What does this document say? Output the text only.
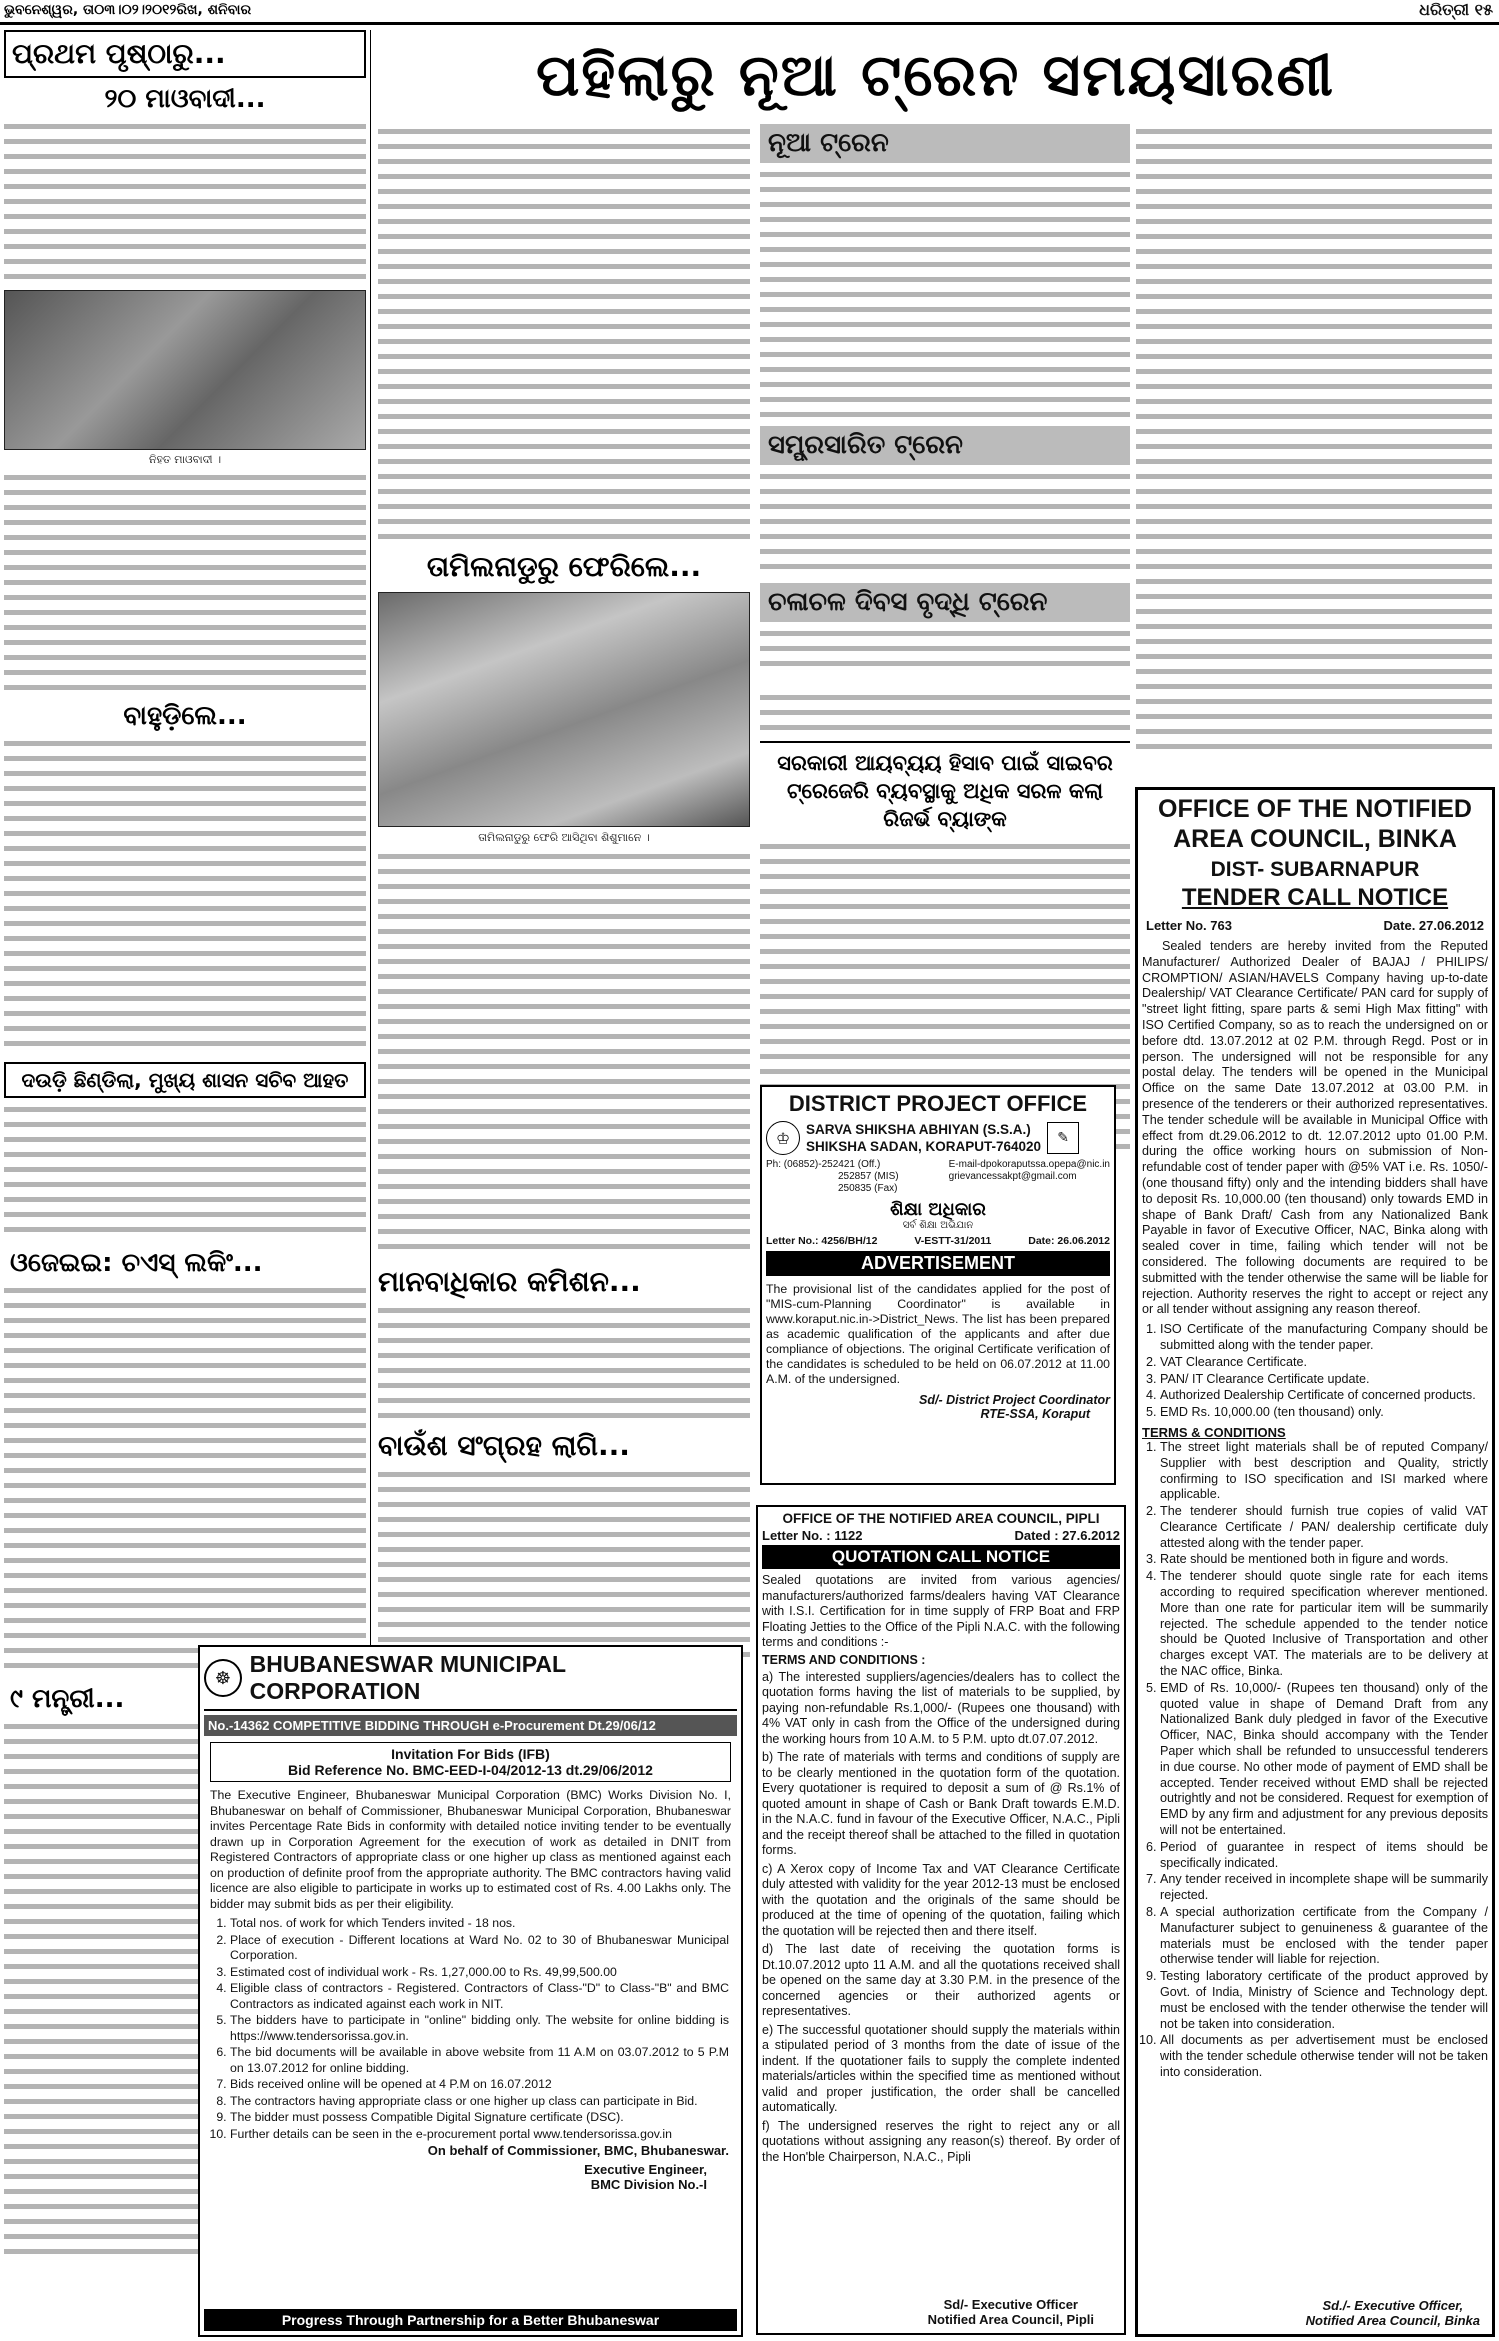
ଭୁବନେଶ୍ୱର, ତା୦୩।୦୨।୨୦୧୨ରିଖ, ଶନିବାର	ଧରିତ୍ରୀ ୧୫
ପ୍ରଥମ ପୃଷ୍ଠାରୁ...
୨୦ ମାଓବାଦୀ...
ନିହତ ମାଓବାଦୀ ।
ବାହୁଡ଼ିଲେ...
ଦଉଡ଼ି ଛିଣ୍ଡିଲା, ମୁଖ୍ୟ ଶାସନ ସଚିବ ଆହତ
ଓଜେଇଇ: ଚଏସ୍ ଲକିଂ...
୯ ମନ୍ତ୍ରୀ...
ପହିଲାରୁ ନୂଆ ଟ୍ରେନ ସମୟସାରଣୀ
ତାମିଲନାଡୁରୁ ଫେରିଲେ...
ତାମିଲନାଡୁରୁ ଫେରି ଆସିଥିବା ଶିଶୁମାନେ ।
ମାନବାଧିକାର କମିଶନ...
ବାଉଁଶ ସଂଗ୍ରହ ଲାଗି...
ନୂଆ ଟ୍ରେନ
ସମ୍ପ୍ରସାରିତ ଟ୍ରେନ
ଚଳାଚଳ ଦିବସ ବୃଦ୍ଧି ଟ୍ରେନ
ସରକାରୀ ଆୟବ୍ୟୟ ହିସାବ ପାଇଁ ସାଇବର ଟ୍ରେଜେରି ବ୍ୟବସ୍ଥାକୁ ଅଧିକ ସରଳ କଲା ରିଜର୍ଭ ବ୍ୟାଙ୍କ
☸
BHUBANESWAR MUNICIPAL CORPORATION
No.-14362 COMPETITIVE BIDDING THROUGH e-Procurement Dt.29/06/12
Invitation For Bids (IFB)
Bid Reference No. BMC-EED-I-04/2012-13 dt.29/06/2012
The Executive Engineer, Bhubaneswar Municipal Corporation (BMC) Works Division No. I, Bhubaneswar on behalf of Commissioner, Bhubaneswar Municipal Corporation, Bhubaneswar invites Percentage Rate Bids in conformity with detailed notice inviting tender to be eventually drawn up in Corporation Agreement for the execution of work as detailed in DNIT from Registered Contractors of appropriate class or one higher up class as mentioned against each on production of definite proof from the appropriate authority. The BMC contractors having valid licence are also eligible to participate in works up to estimated cost of Rs. 4.00 Lakhs only. The bidder may submit bids as per their eligibility.
1. Total nos. of work for which Tenders invited - 18 nos.
2. Place of execution - Different locations at Ward No. 02 to 30 of Bhubaneswar Municipal Corporation.
3. Estimated cost of individual work - Rs. 1,27,000.00 to Rs. 49,99,500.00
4. Eligible class of contractors - Registered. Contractors of Class-"D" to Class-"B" and BMC Contractors as indicated against each work in NIT.
5. The bidders have to participate in "online" bidding only. The website for online bidding is https://www.tendersorissa.gov.in.
6. The bid documents will be available in above website from 11 A.M on 03.07.2012 to 5 P.M on 13.07.2012 for online bidding.
7. Bids received online will be opened at 4 P.M on 16.07.2012
8. The contractors having appropriate class or one higher up class can participate in Bid.
9. The bidder must possess Compatible Digital Signature certificate (DSC).
10. Further details can be seen in the e-procurement portal www.tendersorissa.gov.in
On behalf of Commissioner, BMC, Bhubaneswar.
Executive Engineer,
BMC Division No.-I
Progress Through Partnership for a Better Bhubaneswar
DISTRICT PROJECT OFFICE
♔	SARVA SHIKSHA ABHIYAN (S.S.A.)
SHIKSHA SADAN, KORAPUT-764020
✎
Ph: (06852)-252421 (Off.)
252857 (MIS)
250835 (Fax)
E-mail-dpokoraputssa.opepa@nic.in
grievancessakpt@gmail.com
ଶିକ୍ଷା ଅଧିକାର
ସର୍ବ ଶିକ୍ଷା ଅଭିଯାନ
Letter No.: 4256/BH/12	V-ESTT-31/2011	Date: 26.06.2012
ADVERTISEMENT
The provisional list of the candidates applied for the post of "MIS-cum-Planning Coordinator" is available in www.koraput.nic.in->District_News. The list has been prepared as academic qualification of the applicants and after due compliance of objections. The original Certificate verification of the candidates is scheduled to be held on 06.07.2012 at 11.00 A.M. of the undersigned.
Sd/- District Project Coordinator
RTE-SSA, Koraput
OFFICE OF THE NOTIFIED AREA COUNCIL, PIPLI
Letter No. : 1122	Dated : 27.6.2012
QUOTATION CALL NOTICE
Sealed quotations are invited from various agencies/ manufacturers/authorized farms/dealers having VAT Clearance with I.S.I. Certification for in time supply of FRP Boat and FRP Floating Jetties to the Office of the Pipli N.A.C. with the following terms and conditions :-
TERMS AND CONDITIONS :

a) The interested suppliers/agencies/dealers has to collect the quotation forms having the list of materials to be supplied, by paying non-refundable Rs.1,000/- (Rupees one thousand) with 4% VAT only in cash from the Office of the undersigned during the working hours from 10 A.M. to 5 P.M. upto dt.07.07.2012.

b) The rate of materials with terms and conditions of supply are to be clearly mentioned in the quotation form of the quotation. Every quotationer is required to deposit a sum of @ Rs.1% of quoted amount in shape of Cash or Bank Draft towards E.M.D. in the N.A.C. fund in favour of the Executive Officer, N.A.C., Pipli and the receipt thereof shall be attached to the filled in quotation forms.

c) A Xerox copy of Income Tax and VAT Clearance Certificate duly attested with validity for the year 2012-13 must be enclosed with the quotation and the originals of the same should be produced at the time of opening of the quotation, failing which the quotation will be rejected then and there itself.

d) The last date of receiving the quotation forms is Dt.10.07.2012 upto 11 A.M. and all the quotations received shall be opened on the same day at 3.30 P.M. in the presence of the concerned agencies or their authorized agents or representatives.

e) The successful quotationer should supply the materials within a stipulated period of 3 months from the date of issue of the indent. If the quotationer fails to supply the complete indented materials/articles within the specified time as mentioned without valid and proper justification, the order shall be cancelled automatically.

f) The undersigned reserves the right to reject any or all quotations without assigning any reason(s) thereof. By order of the Hon'ble Chairperson, N.A.C., Pipli

Sd/- Executive Officer
Notified Area Council, Pipli
OFFICE OF THE NOTIFIED AREA COUNCIL, BINKA
DIST- SUBARNAPUR
TENDER CALL NOTICE
Letter No. 763	Date. 27.06.2012
Sealed tenders are hereby invited from the Reputed Manufacturer/ Authorized Dealer of BAJAJ / PHILIPS/ CROMPTION/ ASIAN/HAVELS Company having up-to-date Dealership/ VAT Clearance Certificate/ PAN card for supply of "street light fitting, spare parts & semi High Max fitting" with ISO Certified Company, so as to reach the undersigned on or before dtd. 13.07.2012 at 02 P.M. through Regd. Post or in person. The undersigned will not be responsible for any postal delay. The tenders will be opened in the Municipal Office on the same Date 13.07.2012 at 03.00 P.M. in presence of the tenderers or their authorized representatives. The tender schedule will be available in Municipal Office with effect from dt.29.06.2012 to dt. 12.07.2012 upto 01.00 P.M. during the office working hours on submission of Non-refundable cost of tender paper with @5% VAT i.e. Rs. 1050/- (one thousand fifty) only and the intending bidders shall have to deposit Rs. 10,000.00 (ten thousand) only towards EMD in shape of Bank Draft/ Cash from any Nationalized Bank Payable in favor of Executive Officer, NAC, Binka along with sealed cover in time, failing which tender will not be considered. The following documents are required to be submitted with the tender otherwise the same will be liable for rejection. Authority reserves the right to accept or reject any or all tender without assigning any reason thereof.
1. ISO Certificate of the manufacturing Company should be submitted along with the tender paper.
2. VAT Clearance Certificate.
3. PAN/ IT Clearance Certificate update.
4. Authorized Dealership Certificate of concerned products.
5. EMD Rs. 10,000.00 (ten thousand) only.
TERMS & CONDITIONS
1. The street light materials shall be of reputed Company/ Supplier with best description and Quality, strictly confirming to ISO specification and ISI marked where applicable.
2. The tenderer should furnish true copies of valid VAT Clearance Certificate / PAN/ dealership certificate duly attested along with the tender paper.
3. Rate should be mentioned both in figure and words.
4. The tenderer should quote single rate for each items according to required specification wherever mentioned. More than one rate for particular item will be summarily rejected. The schedule appended to the tender notice should be Quoted Inclusive of Transportation and other charges except VAT. The materials are to be delivery at the NAC office, Binka.
5. EMD of Rs. 10,000/- (Rupees ten thousand) only of the quoted value in shape of Demand Draft from any Nationalized Bank duly pledged in favor of the Executive Officer, NAC, Binka should accompany with the Tender Paper which shall be refunded to unsuccessful tenderers in due course. No other mode of payment of EMD shall be accepted. Tender received without EMD shall be rejected outrightly and not be considered. Request for exemption of EMD by any firm and adjustment for any previous deposits will not be entertained.
6. Period of guarantee in respect of items should be specifically indicated.
7. Any tender received in incomplete shape will be summarily rejected.
8. A special authorization certificate from the Company / Manufacturer subject to genuineness & guarantee of the materials must be enclosed with the tender paper otherwise tender will liable for rejection.
9. Testing laboratory certificate of the product approved by Govt. of India, Ministry of Science and Technology dept. must be enclosed with the tender otherwise the tender will not be taken into consideration.
10. All documents as per advertisement must be enclosed with the tender schedule otherwise tender will not be taken into consideration.
Sd./- Executive Officer,
Notified Area Council, Binka
